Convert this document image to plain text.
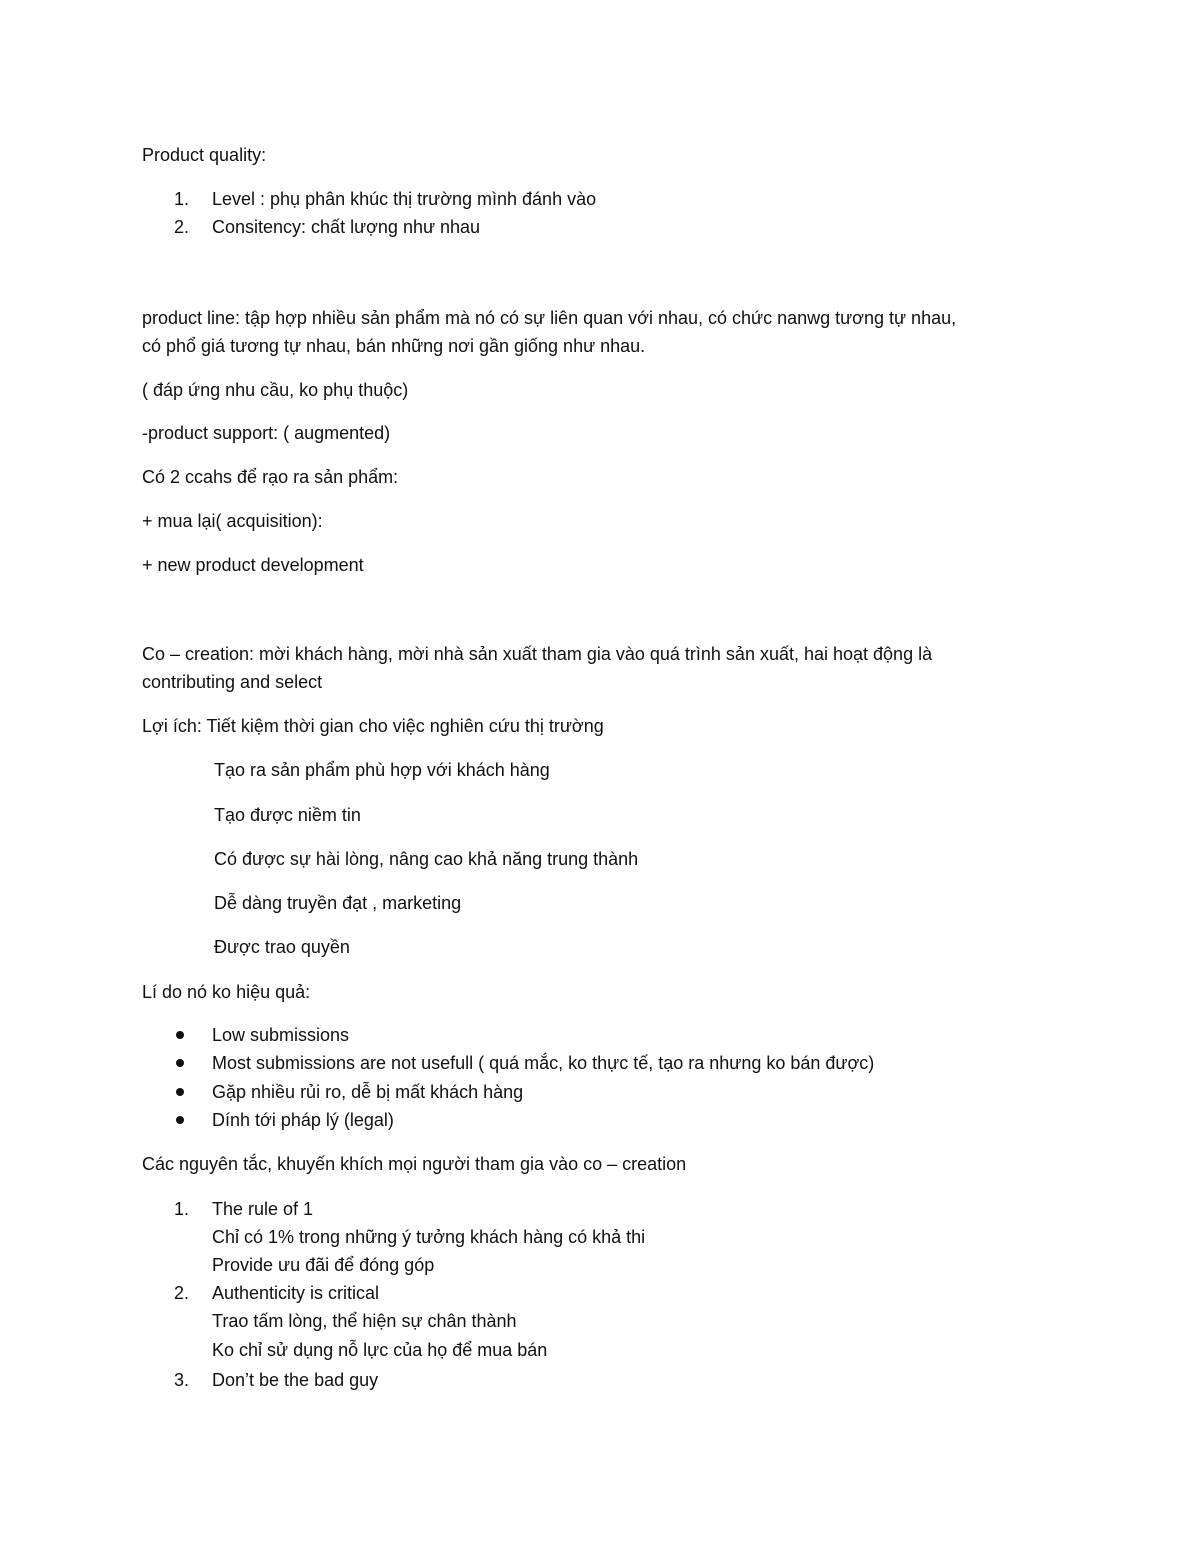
Product quality:

1.	Level : phụ phân khúc thị trường mình đánh vào
2.	Consitency: chất lượng như nhau

product line: tập hợp nhiều sản phẩm mà nó có sự liên quan với nhau, có chức nanwg tương tự nhau,

có phổ giá tương tự nhau, bán những nơi gần giống như nhau.

( đáp ứng nhu cầu, ko phụ thuộc)

-product support: ( augmented)

Có 2 ccahs để rạo ra sản phẩm:

+ mua lại( acquisition):

+ new product development

Co – creation: mời khách hàng, mời nhà sản xuất tham gia vào quá trình sản xuất, hai hoạt động là

contributing and select

Lợi ích: Tiết kiệm thời gian cho việc nghiên cứu thị trường

Tạo ra sản phẩm phù hợp với khách hàng

Tạo được niềm tin

Có được sự hài lòng, nâng cao khả năng trung thành

Dễ dàng truyền đạt , marketing

Được trao quyền

Lí do nó ko hiệu quả:

Low submissions
Most submissions are not usefull ( quá mắc, ko thực tế, tạo ra nhưng ko bán được)
Gặp nhiều rủi ro, dễ bị mất khách hàng
Dính tới pháp lý (legal)

Các nguyên tắc, khuyến khích mọi người tham gia vào co – creation

1.	The rule of 1
Chỉ có 1% trong những ý tưởng khách hàng có khả thi
Provide ưu đãi để đóng góp
2.	Authenticity is critical
Trao tấm lòng, thể hiện sự chân thành
Ko chỉ sử dụng nỗ lực của họ để mua bán
3.	Don’t be the bad guy
